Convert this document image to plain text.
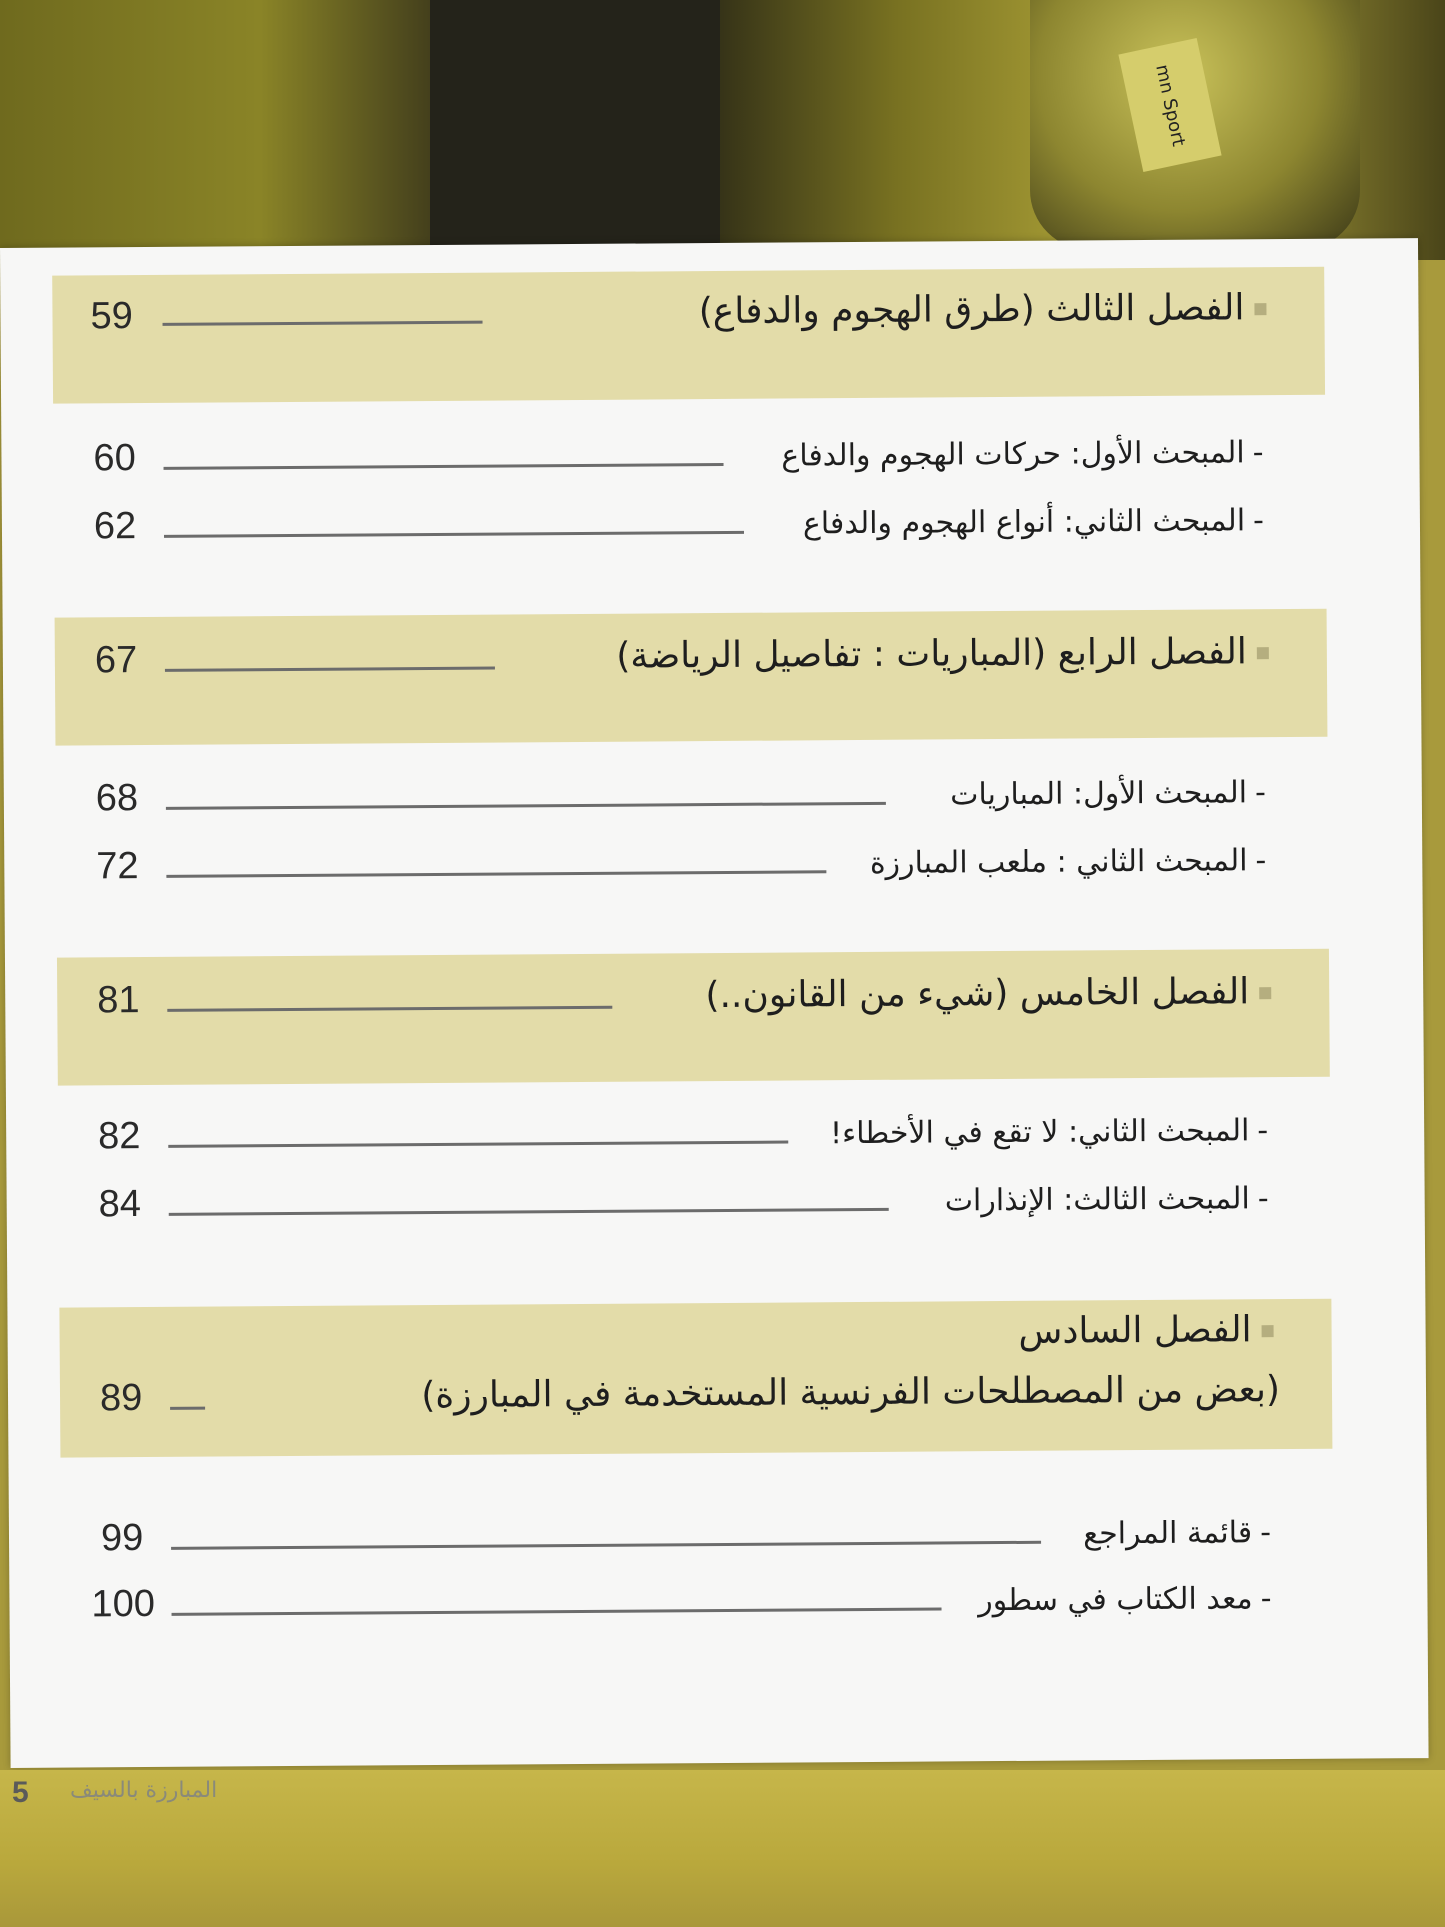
mn Sport
الفصل الثالث (طرق الهجوم والدفاع)
59
-المبحث الأول: حركات الهجوم والدفاع
60
-المبحث الثاني: أنواع الهجوم والدفاع
62
الفصل الرابع (المباريات : تفاصيل الرياضة)
67
-المبحث الأول: المباريات
68
-المبحث الثاني : ملعب المبارزة
72
الفصل الخامس (شيء من القانون..)
81
-المبحث الثاني: لا تقع في الأخطاء!
82
-المبحث الثالث: الإنذارات
84
الفصل السادس
(بعض من المصطلحات الفرنسية المستخدمة في المبارزة)
89
-قائمة المراجع
99
-معد الكتاب في سطور
100
5 المبارزة بالسيف
